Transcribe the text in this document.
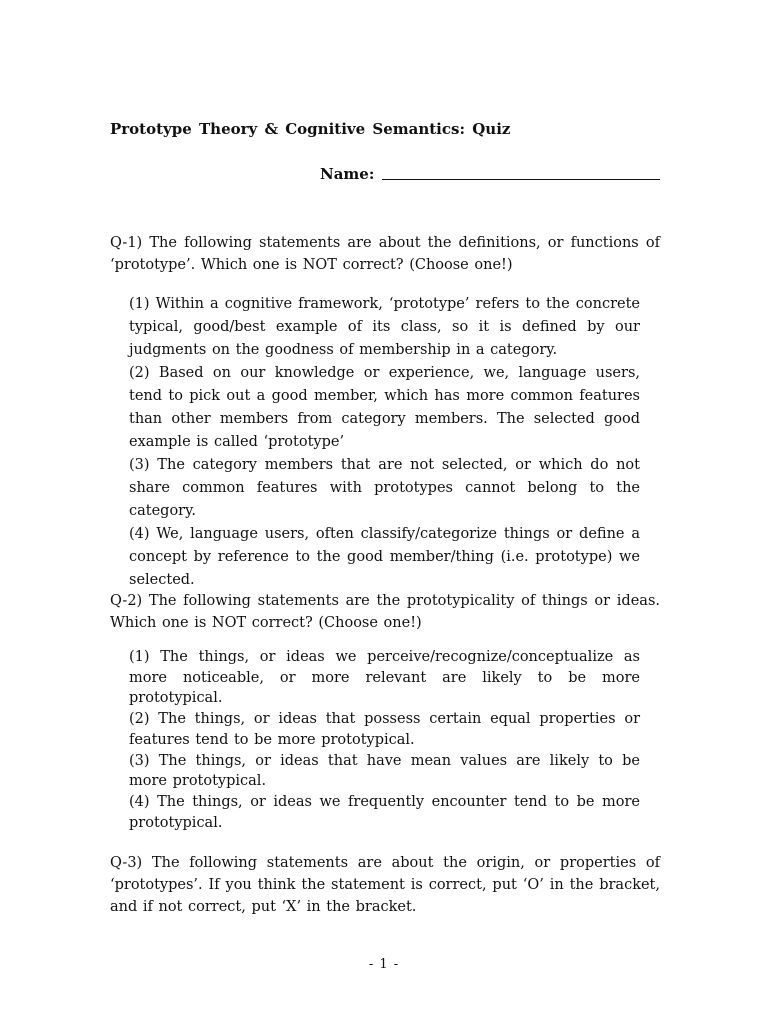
Prototype Theory & Cognitive Semantics: Quiz
Name:

Q-1) The following statements are about the definitions, or functions of ‘prototype’. Which one is NOT correct? (Choose one!)

(1) Within a cognitive framework, ‘prototype’ refers to the concrete typical, good/best example of its class, so it is defined by our judgments on the goodness of membership in a category.
(2) Based on our knowledge or experience, we, language users, tend to pick out a good member, which has more common features than other members from category members. The selected good example is called ‘prototype’
(3) The category members that are not selected, or which do not share common features with prototypes cannot belong to the category.
(4) We, language users, often classify/categorize things or define a concept by reference to the good member/thing (i.e. prototype) we selected.

Q-2) The following statements are the prototypicality of things or ideas. Which one is NOT correct? (Choose one!)

(1) The things, or ideas we perceive/recognize/conceptualize as more noticeable, or more relevant are likely to be more prototypical.
(2) The things, or ideas that possess certain equal properties or features tend to be more prototypical.
(3) The things, or ideas that have mean values are likely to be more prototypical.
(4) The things, or ideas we frequently encounter tend to be more prototypical.

Q-3) The following statements are about the origin, or properties of ‘prototypes’. If you think the statement is correct, put ‘O’ in the bracket, and if not correct, put ‘X’ in the bracket.

- 1 -
